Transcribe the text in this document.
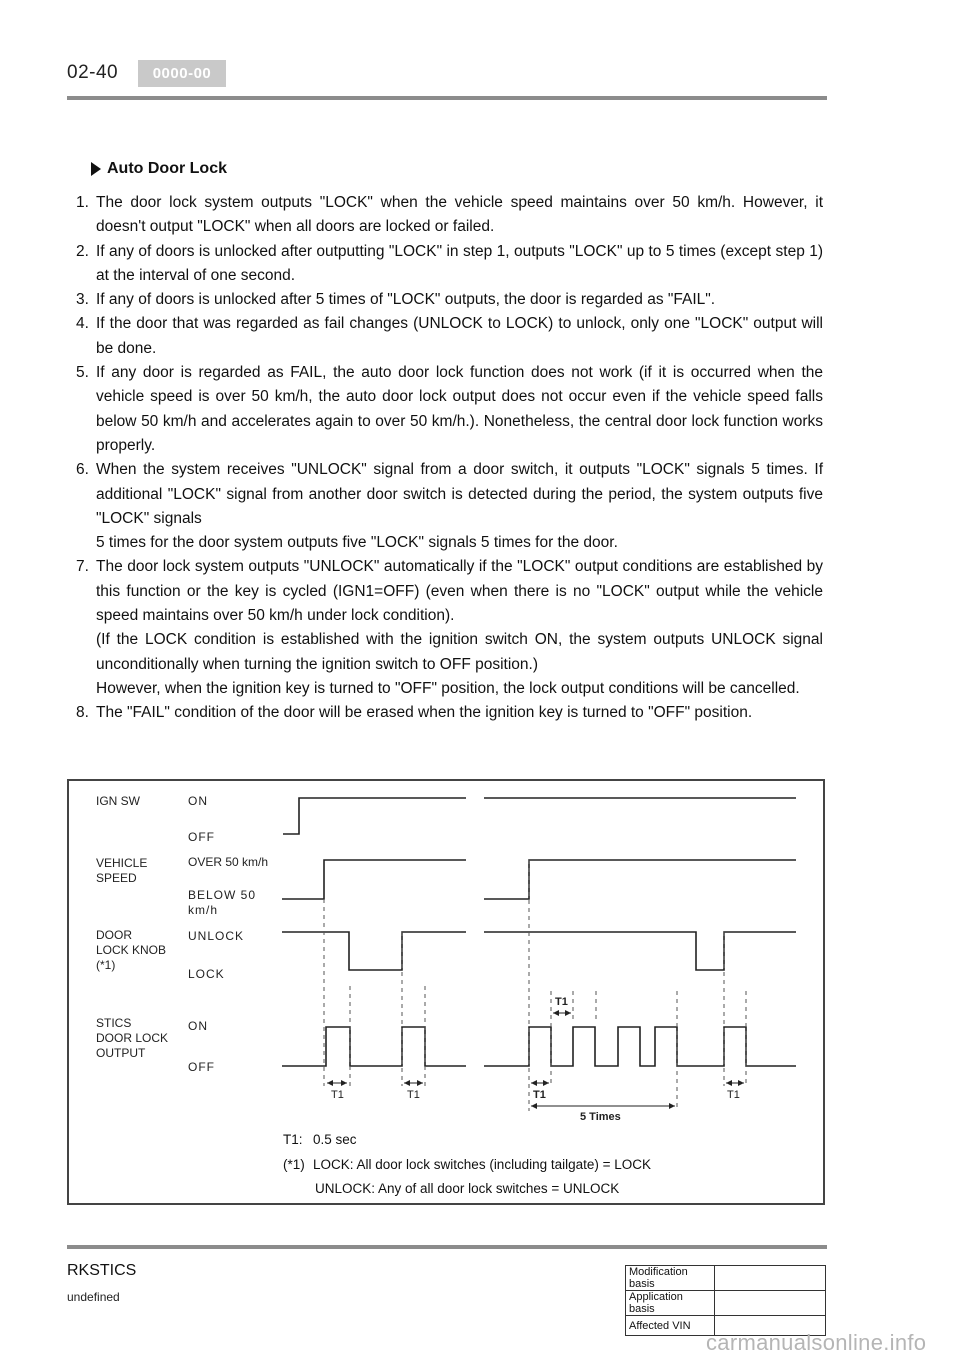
02-40	0000-00
Auto Door Lock
1. The door lock system outputs "LOCK" when the vehicle speed maintains over 50 km/h. However, it doesn't output "LOCK" when all doors are locked or failed.
2. If any of doors is unlocked after outputting "LOCK" in step 1, outputs "LOCK" up to 5 times (except step 1) at the interval of one second.
3. If any of doors is unlocked after 5 times of "LOCK" outputs, the door is regarded as "FAIL".
4. If the door that was regarded as fail changes (UNLOCK to LOCK) to unlock, only one "LOCK" output will be done.
5. If any door is regarded as FAIL, the auto door lock function does not work (if it is occurred when the vehicle speed is over 50 km/h, the auto door lock output does not occur even if the vehicle speed falls below 50 km/h and accelerates again to over 50 km/h.). Nonetheless, the central door lock function works properly.
6. When the system receives "UNLOCK" signal from a door switch, it outputs "LOCK" signals 5 times. If additional "LOCK" signal from another door switch is detected during the period, the system outputs five "LOCK" signals
5 times for the door system outputs five "LOCK" signals 5 times for the door.
7. The door lock system outputs "UNLOCK" automatically if the "LOCK" output conditions are established by this function or the key is cycled (IGN1=OFF) (even when there is no "LOCK" output while the vehicle speed maintains over 50 km/h under lock condition).
(If the LOCK condition is established with the ignition switch ON, the system outputs UNLOCK signal unconditionally when turning the ignition switch to OFF position.)
However, when the ignition key is turned to "OFF" position, the lock output conditions will be cancelled.
8. The "FAIL" condition of the door will be erased when the ignition key is turned to "OFF" position.
IGN SW
VEHICLE
SPEED
DOOR
LOCK KNOB
(*1)
STICS
DOOR LOCK
OUTPUT
ON
OFF
OVER 50 km/h
BELOW 50
km/h
UNLOCK
LOCK
ON
OFF
T1	T1	T1	T1
T1
5 Times
T1: 0.5 sec
(*1) LOCK: All door lock switches (including tailgate) = LOCK
UNLOCK: Any of all door lock switches = UNLOCK
RKSTICS
undefined
Modification basis	
Application basis	
Affected VIN	
carmanualsonline.info
